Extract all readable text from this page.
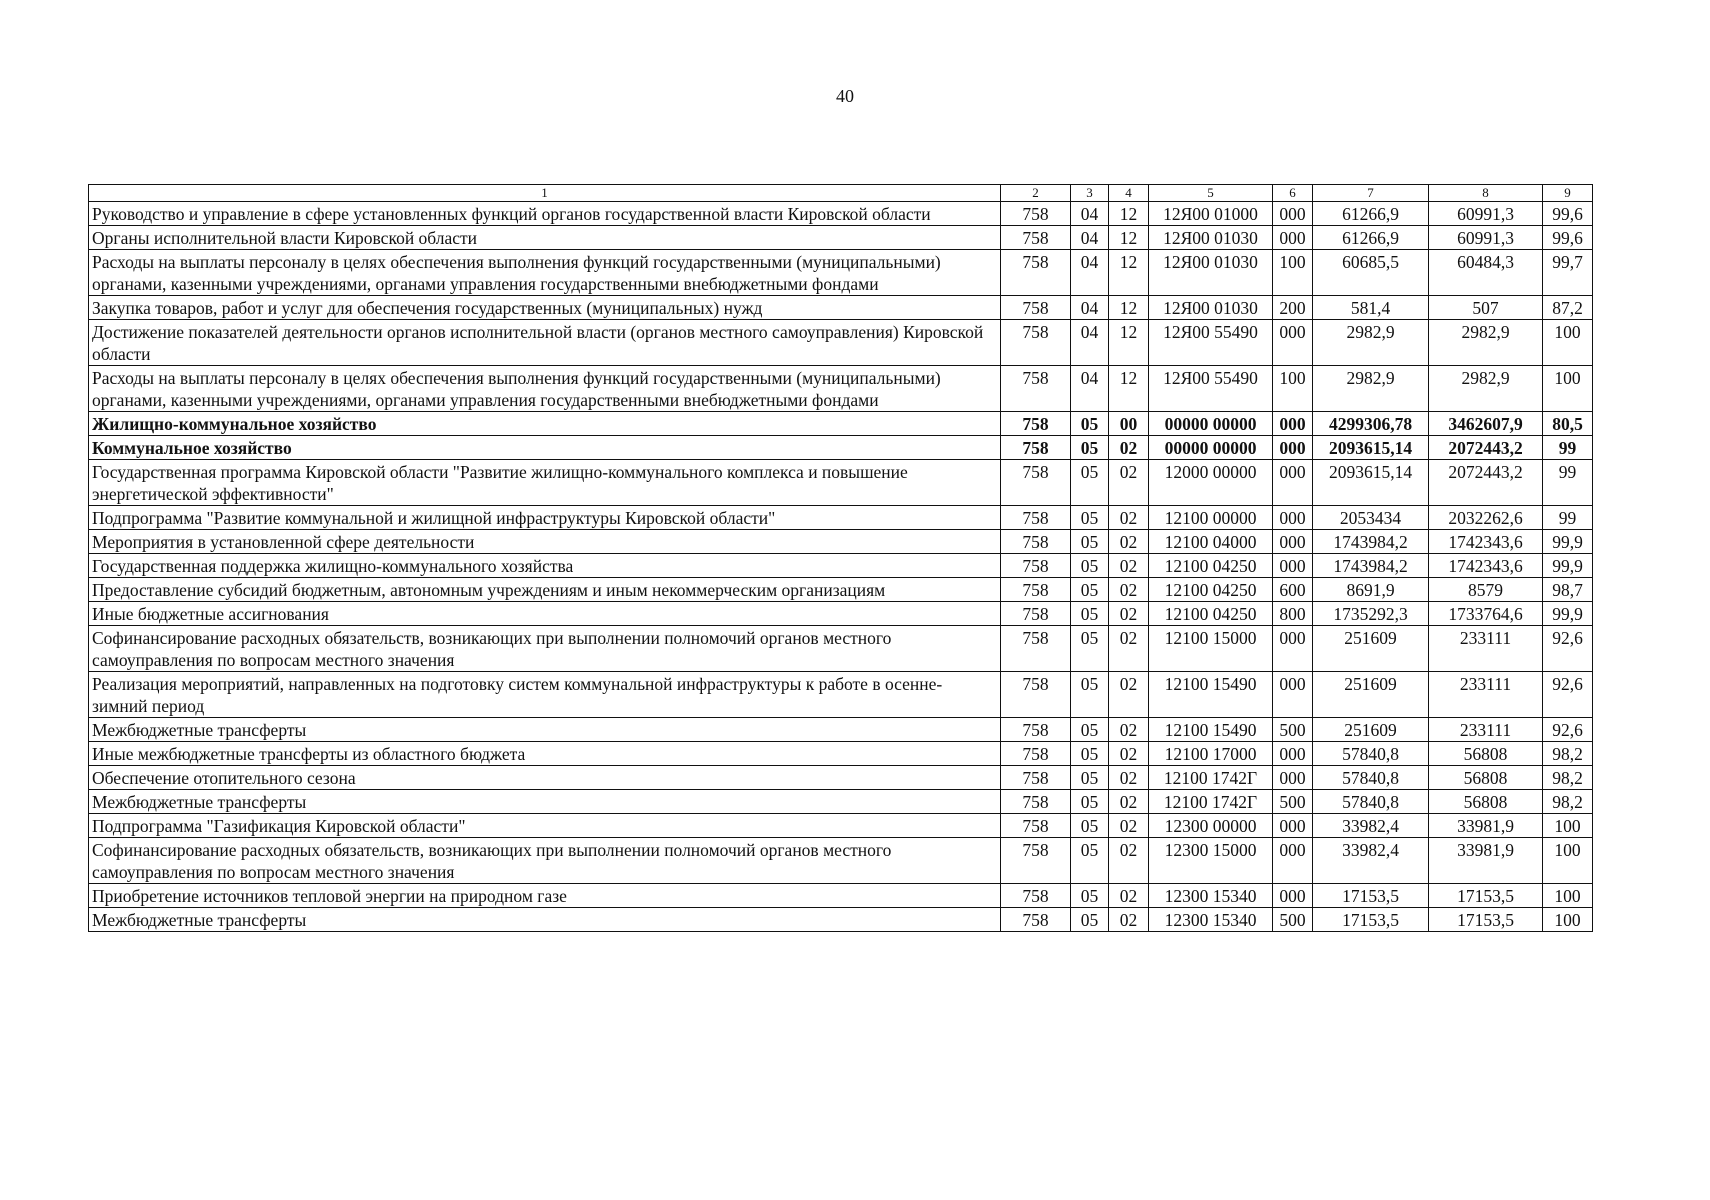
40
1	2	3	4	5	6	7	8	9
Руководство и управление в сфере установленных функций органов государственной власти Кировской области	758	04	12	12Я00 01000	000	61266,9	60991,3	99,6
Органы исполнительной власти Кировской области	758	04	12	12Я00 01030	000	61266,9	60991,3	99,6
Расходы на выплаты персоналу в целях обеспечения выполнения функций государственными (муниципальными) органами, казенными учреждениями, органами управления государственными внебюджетными фондами	758	04	12	12Я00 01030	100	60685,5	60484,3	99,7
Закупка товаров, работ и услуг для обеспечения государственных (муниципальных) нужд	758	04	12	12Я00 01030	200	581,4	507	87,2
Достижение показателей деятельности органов исполнительной власти (органов местного самоуправления) Кировской области	758	04	12	12Я00 55490	000	2982,9	2982,9	100
Расходы на выплаты персоналу в целях обеспечения выполнения функций государственными (муниципальными) органами, казенными учреждениями, органами управления государственными внебюджетными фондами	758	04	12	12Я00 55490	100	2982,9	2982,9	100
Жилищно-коммунальное хозяйство	758	05	00	00000 00000	000	4299306,78	3462607,9	80,5
Коммунальное хозяйство	758	05	02	00000 00000	000	2093615,14	2072443,2	99
Государственная программа Кировской области "Развитие жилищно-коммунального комплекса и повышение энергетической эффективности"	758	05	02	12000 00000	000	2093615,14	2072443,2	99
Подпрограмма "Развитие коммунальной и жилищной инфраструктуры Кировской области"	758	05	02	12100 00000	000	2053434	2032262,6	99
Мероприятия в установленной сфере деятельности	758	05	02	12100 04000	000	1743984,2	1742343,6	99,9
Государственная поддержка жилищно-коммунального хозяйства	758	05	02	12100 04250	000	1743984,2	1742343,6	99,9
Предоставление субсидий бюджетным, автономным учреждениям и иным некоммерческим организациям	758	05	02	12100 04250	600	8691,9	8579	98,7
Иные бюджетные ассигнования	758	05	02	12100 04250	800	1735292,3	1733764,6	99,9
Софинансирование расходных обязательств, возникающих при выполнении полномочий органов местного самоуправления по вопросам местного значения	758	05	02	12100 15000	000	251609	233111	92,6
Реализация мероприятий, направленных на подготовку систем коммунальной инфраструктуры к работе в осенне-зимний период	758	05	02	12100 15490	000	251609	233111	92,6
Межбюджетные трансферты	758	05	02	12100 15490	500	251609	233111	92,6
Иные межбюджетные трансферты из областного бюджета	758	05	02	12100 17000	000	57840,8	56808	98,2
Обеспечение отопительного сезона	758	05	02	12100 1742Г	000	57840,8	56808	98,2
Межбюджетные трансферты	758	05	02	12100 1742Г	500	57840,8	56808	98,2
Подпрограмма "Газификация Кировской области"	758	05	02	12300 00000	000	33982,4	33981,9	100
Софинансирование расходных обязательств, возникающих при выполнении полномочий органов местного самоуправления по вопросам местного значения	758	05	02	12300 15000	000	33982,4	33981,9	100
Приобретение источников тепловой энергии на природном газе	758	05	02	12300 15340	000	17153,5	17153,5	100
Межбюджетные трансферты	758	05	02	12300 15340	500	17153,5	17153,5	100
